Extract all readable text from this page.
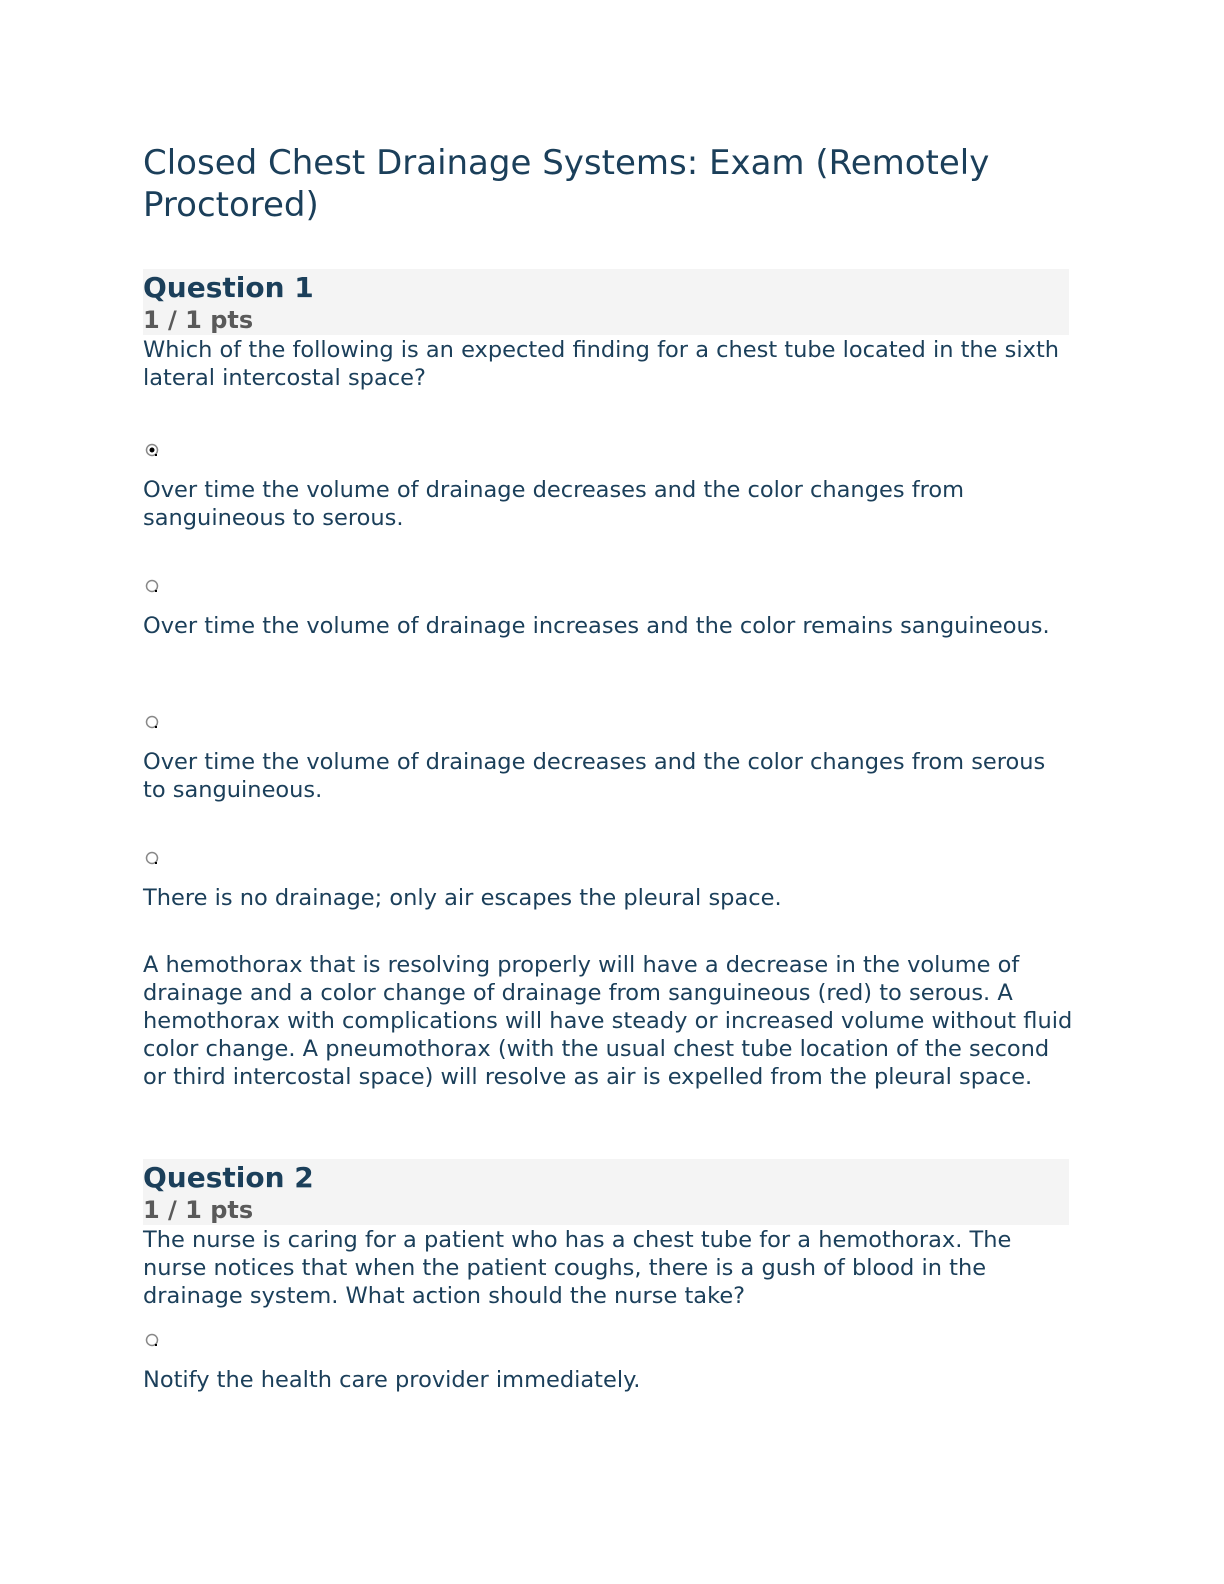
Closed Chest Drainage Systems: Exam (Remotely Proctored)
Question 1
1 / 1 pts
Which of the following is an expected finding for a chest tube located in the sixth lateral intercostal space?
Over time the volume of drainage decreases and the color changes from sanguineous to serous.
Over time the volume of drainage increases and the color remains sanguineous.
Over time the volume of drainage decreases and the color changes from serous to sanguineous.
There is no drainage; only air escapes the pleural space.
A hemothorax that is resolving properly will have a decrease in the volume of drainage and a color change of drainage from sanguineous (red) to serous. A hemothorax with complications will have steady or increased volume without fluid color change. A pneumothorax (with the usual chest tube location of the second or third intercostal space) will resolve as air is expelled from the pleural space.
Question 2
1 / 1 pts
The nurse is caring for a patient who has a chest tube for a hemothorax. The nurse notices that when the patient coughs, there is a gush of blood in the drainage system. What action should the nurse take?
Notify the health care provider immediately.
